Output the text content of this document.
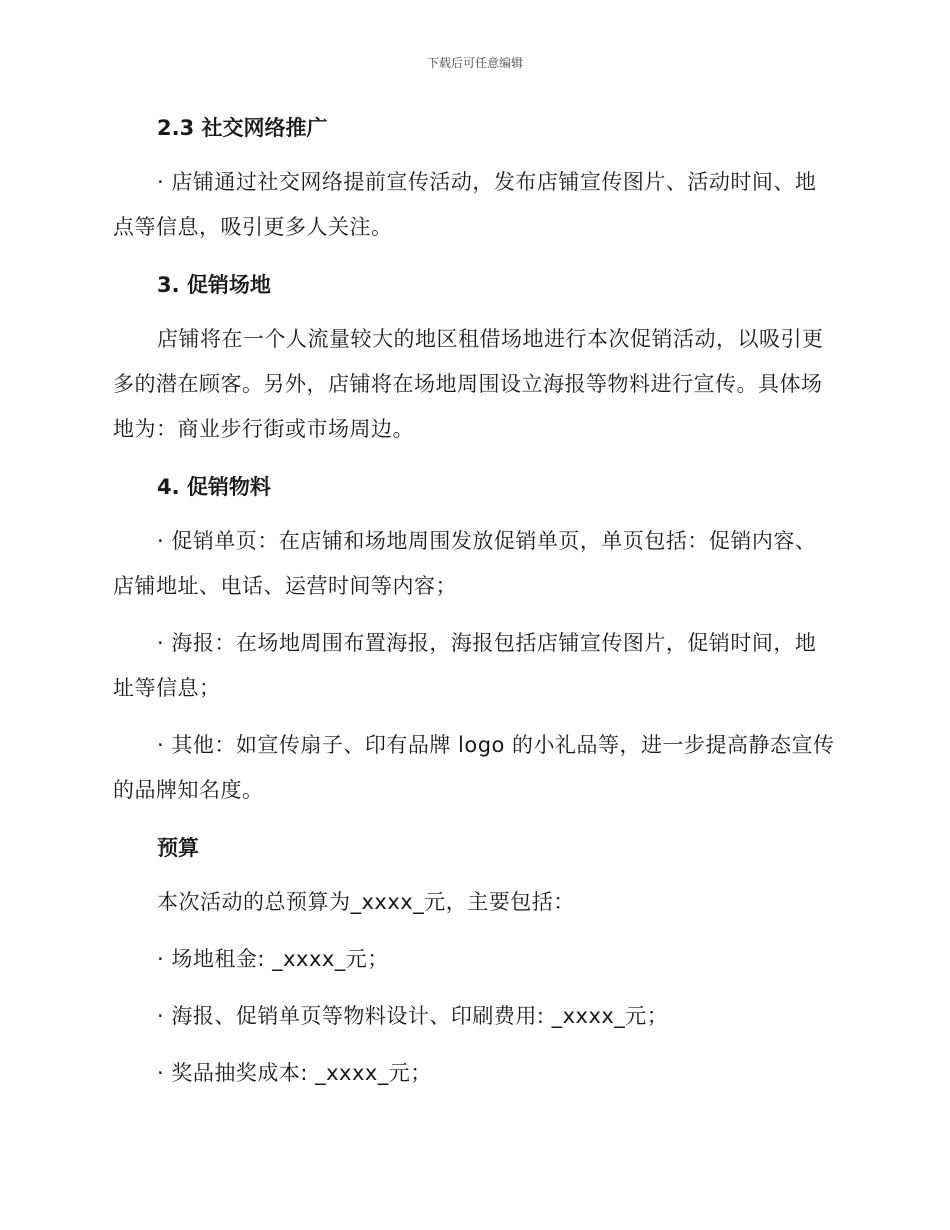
下载后可任意编辑
2.3 社交网络推广

· 店铺通过社交网络提前宣传活动，发布店铺宣传图片、活动时间、地点等信息，吸引更多人关注。

3. 促销场地

店铺将在一个人流量较大的地区租借场地进行本次促销活动，以吸引更多的潜在顾客。另外，店铺将在场地周围设立海报等物料进行宣传。具体场地为：商业步行街或市场周边。

4. 促销物料

· 促销单页：在店铺和场地周围发放促销单页，单页包括：促销内容、店铺地址、电话、运营时间等内容；

· 海报：在场地周围布置海报，海报包括店铺宣传图片，促销时间，地址等信息；

· 其他：如宣传扇子、印有品牌 logo 的小礼品等，进一步提高静态宣传的品牌知名度。

预算

本次活动的总预算为_xxxx_元，主要包括：

· 场地租金: _xxxx_元；

· 海报、促销单页等物料设计、印刷费用: _xxxx_元；

· 奖品抽奖成本: _xxxx_元；
